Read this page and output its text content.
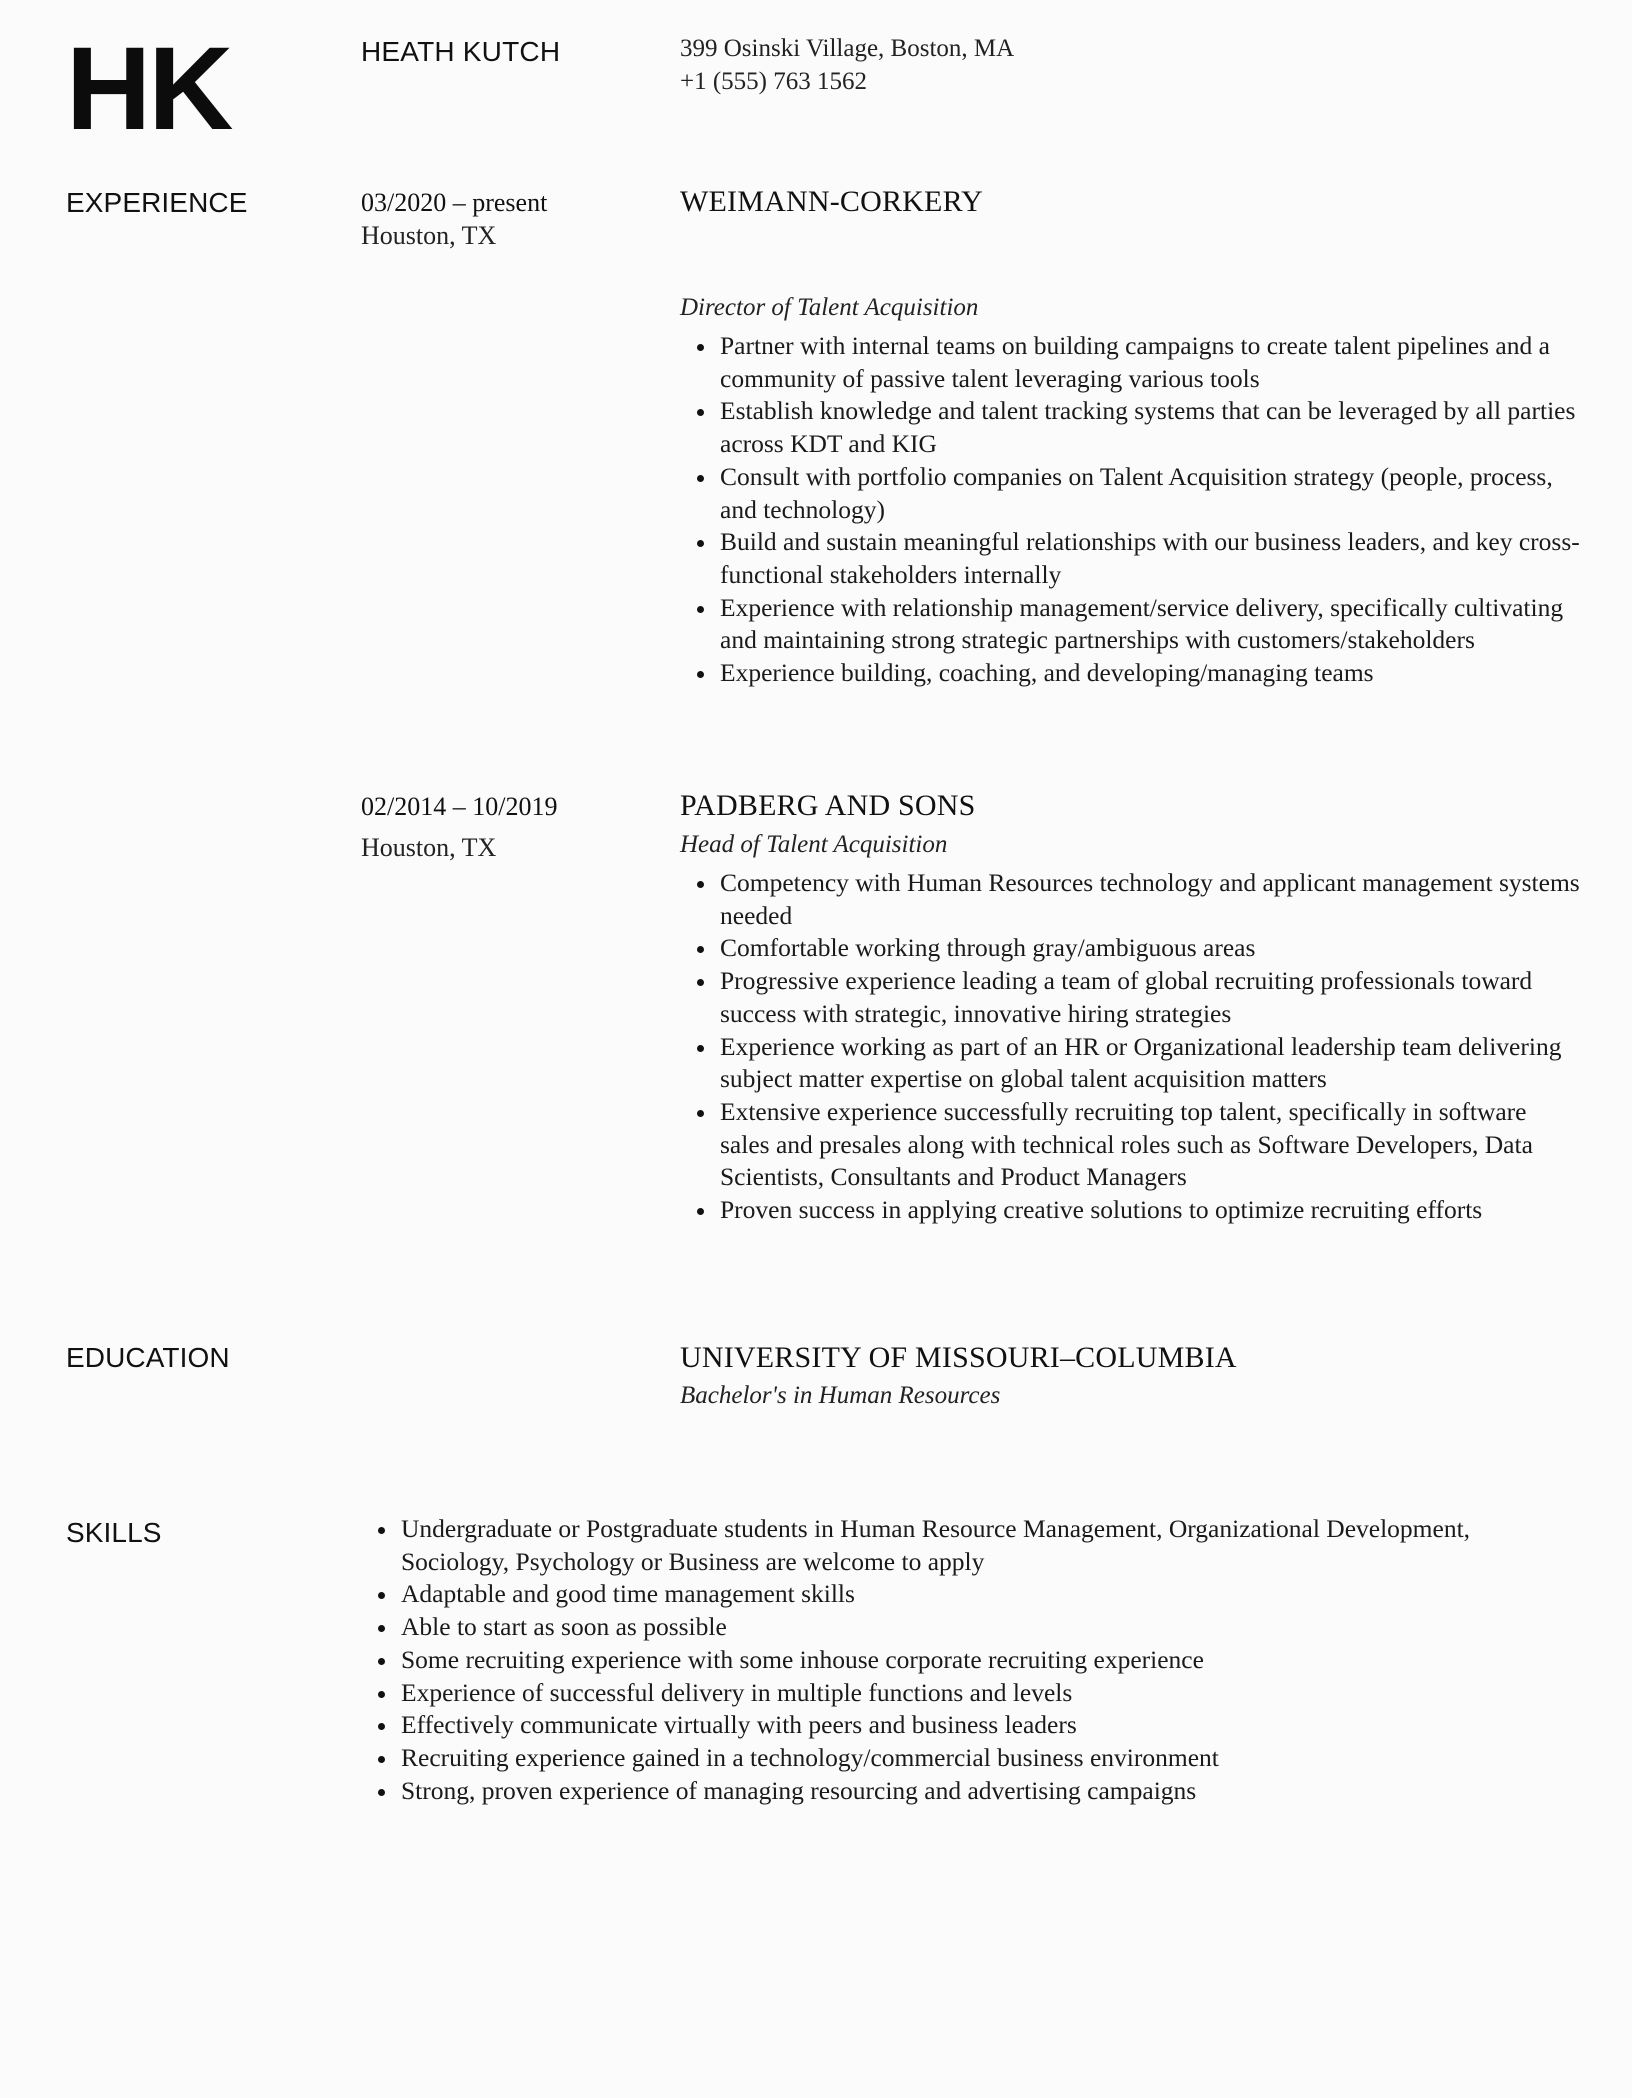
HK	HEATH KUTCH	399 Osinski Village, Boston, MA
+1 (555) 763 1562
EXPERIENCE	03/2020 – present
Houston, TX
WEIMANN-CORKERY
Director of Talent Acquisition
Partner with internal teams on building campaigns to create talent pipelines and a community of passive talent leveraging various tools
Establish knowledge and talent tracking systems that can be leveraged by all parties across KDT and KIG
Consult with portfolio companies on Talent Acquisition strategy (people, process, and technology)
Build and sustain meaningful relationships with our business leaders, and key cross-functional stakeholders internally
Experience with relationship management/service delivery, specifically cultivating and maintaining strong strategic partnerships with customers/stakeholders
Experience building, coaching, and developing/managing teams
02/2014 – 10/2019
Houston, TX
PADBERG AND SONS
Head of Talent Acquisition
Competency with Human Resources technology and applicant management systems needed
Comfortable working through gray/ambiguous areas
Progressive experience leading a team of global recruiting professionals toward success with strategic, innovative hiring strategies
Experience working as part of an HR or Organizational leadership team delivering subject matter expertise on global talent acquisition matters
Extensive experience successfully recruiting top talent, specifically in software sales and presales along with technical roles such as Software Developers, Data Scientists, Consultants and Product Managers
Proven success in applying creative solutions to optimize recruiting efforts
EDUCATION	UNIVERSITY OF MISSOURI–COLUMBIA
Bachelor's in Human Resources
SKILLS	Undergraduate or Postgraduate students in Human Resource Management, Organizational Development, Sociology, Psychology or Business are welcome to apply
Adaptable and good time management skills
Able to start as soon as possible
Some recruiting experience with some inhouse corporate recruiting experience
Experience of successful delivery in multiple functions and levels
Effectively communicate virtually with peers and business leaders
Recruiting experience gained in a technology/commercial business environment
Strong, proven experience of managing resourcing and advertising campaigns
